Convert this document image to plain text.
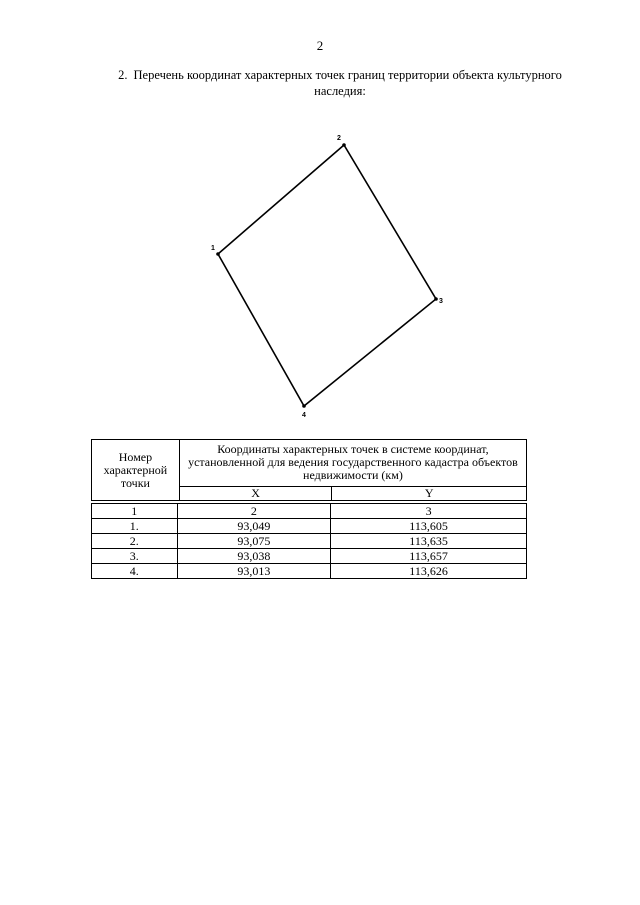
2
2. Перечень координат характерных точек границ территории объекта культурного наследия:
1
2
3
4
Номер характерной точки	Координаты характерных точек в системе координат, установленной для ведения государственного кадастра объектов недвижимости (км)	
	X	Y
1	2	3
1.	93,049	113,605
2.	93,075	113,635
3.	93,038	113,657
4.	93,013	113,626
